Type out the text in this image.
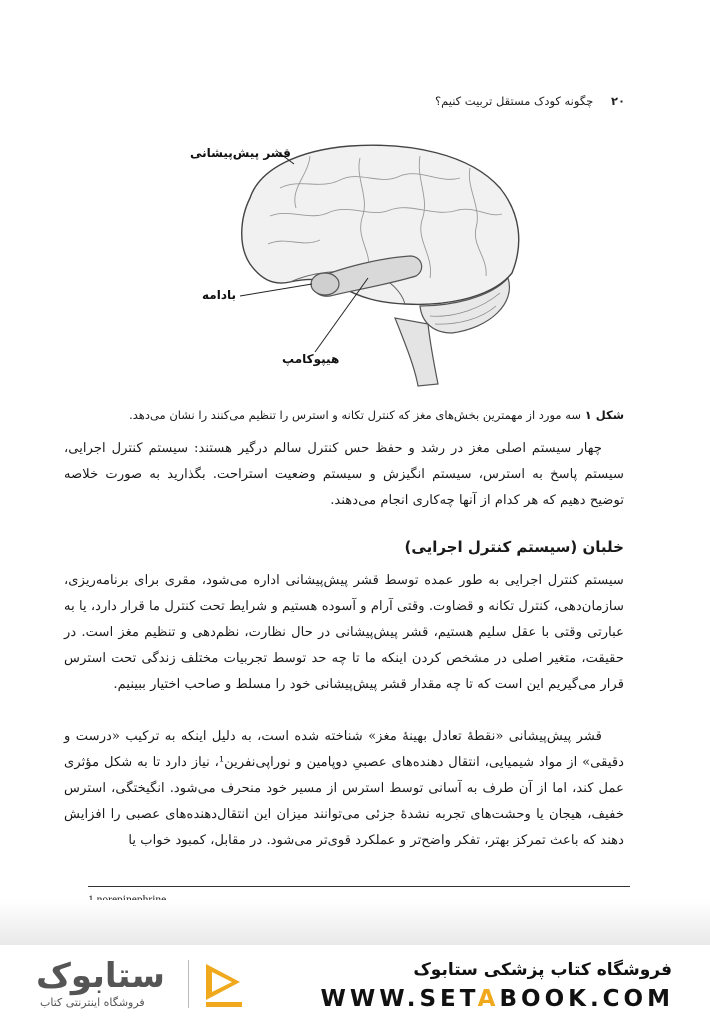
۲۰ چگونه کودک مستقل تربیت کنیم؟
قشر پیش‌پیشانی
بادامه
هیپوکامپ
شکل ۱ سه مورد از مهمترین بخش‌های مغز که کنترل تکانه و استرس را تنظیم می‌کنند را نشان می‌دهد.

چهار سیستم اصلی مغز در رشد و حفظ حس کنترل سالم درگیر هستند: سیستم کنترل اجرایی، سیستم پاسخ به استرس، سیستم انگیزش و سیستم وضعیت استراحت. بگذارید به صورت خلاصه توضیح دهیم که هر کدام از آنها چه‌کاری انجام می‌دهند.

خلبان (سیستم کنترل اجرایی)

سیستم کنترل اجرایی به طور عمده توسط قشر پیش‌پیشانی اداره می‌شود، مقری برای برنامه‌ریزی، سازمان‌دهی، کنترل تکانه و قضاوت. وقتی آرام و آسوده هستیم و شرایط تحت کنترل ما قرار دارد، یا به عبارتی وقتی با عقل سلیم هستیم، قشر پیش‌پیشانی در حال نظارت، نظم‌دهی و تنظیم مغز است. در حقیقت، متغیر اصلی در مشخص کردن اینکه ما تا چه حد توسط تجربیات مختلف زندگی تحت استرس قرار می‌گیریم این است که تا چه مقدار قشر پیش‌پیشانی خود را مسلط و صاحب اختیار ببینیم.

قشر پیش‌پیشانی «نقطهٔ تعادل بهینهٔ مغز» شناخته شده است، به دلیل اینکه به ترکیب «درست و دقیقی» از مواد شیمیایی، انتقال دهنده‌های عصبیِ دوپامین و نوراپی‌نفرین¹، نیاز دارد تا به شکل مؤثری عمل کند، اما از آن طرف به آسانی توسط استرس از مسیر خود منحرف می‌شود. انگیختگی، استرس خفیف، هیجان یا وحشت‌های تجربه نشدهٔ جزئی می‌توانند میزان این انتقال‌دهنده‌های عصبی را افزایش دهند که باعث تمرکز بهتر، تفکر واضح‌تر و عملکرد قوی‌تر می‌شود. در مقابل، کمبود خواب یا

ستابوک
فروشگاه اینترنتی کتاب
فروشگاه کتاب پزشکی ستابوک
WWW.SETABOOK.COM
